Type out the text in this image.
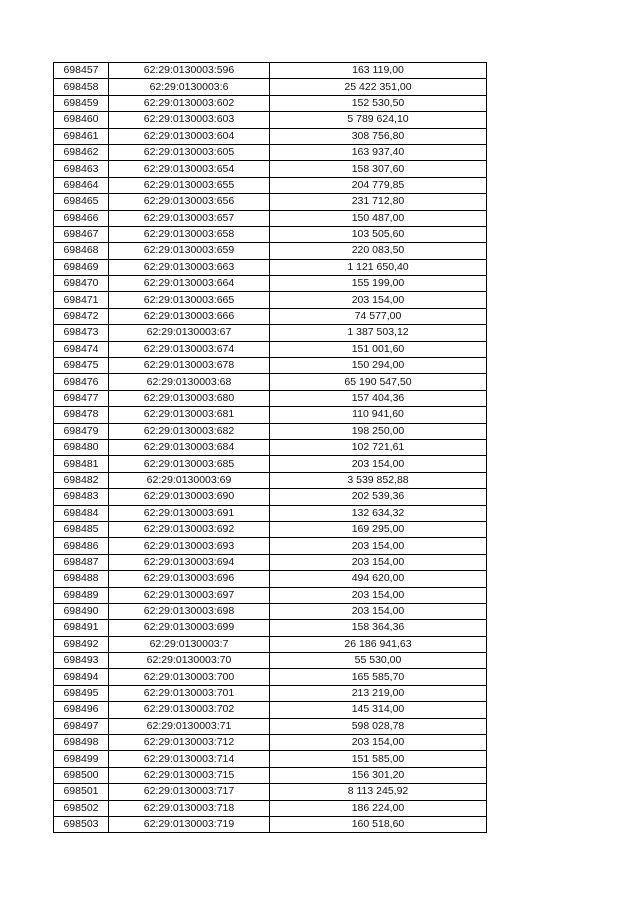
698457	62:29:0130003:596	163 119,00
698458	62:29:0130003:6	25 422 351,00
698459	62:29:0130003:602	152 530,50
698460	62:29:0130003:603	5 789 624,10
698461	62:29:0130003:604	308 756,80
698462	62:29:0130003:605	163 937,40
698463	62:29:0130003:654	158 307,60
698464	62:29:0130003:655	204 779,85
698465	62:29:0130003:656	231 712,80
698466	62:29:0130003:657	150 487,00
698467	62:29:0130003:658	103 505,60
698468	62:29:0130003:659	220 083,50
698469	62:29:0130003:663	1 121 650,40
698470	62:29:0130003:664	155 199,00
698471	62:29:0130003:665	203 154,00
698472	62:29:0130003:666	74 577,00
698473	62:29:0130003:67	1 387 503,12
698474	62:29:0130003:674	151 001,60
698475	62:29:0130003:678	150 294,00
698476	62:29:0130003:68	65 190 547,50
698477	62:29:0130003:680	157 404,36
698478	62:29:0130003:681	110 941,60
698479	62:29:0130003:682	198 250,00
698480	62:29:0130003:684	102 721,61
698481	62:29:0130003:685	203 154,00
698482	62:29:0130003:69	3 539 852,88
698483	62:29:0130003:690	202 539,36
698484	62:29:0130003:691	132 634,32
698485	62:29:0130003:692	169 295,00
698486	62:29:0130003:693	203 154,00
698487	62:29:0130003:694	203 154,00
698488	62:29:0130003:696	494 620,00
698489	62:29:0130003:697	203 154,00
698490	62:29:0130003:698	203 154,00
698491	62:29:0130003:699	158 364,36
698492	62:29:0130003:7	26 186 941,63
698493	62:29:0130003:70	55 530,00
698494	62:29:0130003:700	165 585,70
698495	62:29:0130003:701	213 219,00
698496	62:29:0130003:702	145 314,00
698497	62:29:0130003:71	598 028,78
698498	62:29:0130003:712	203 154,00
698499	62:29:0130003:714	151 585,00
698500	62:29:0130003:715	156 301,20
698501	62:29:0130003:717	8 113 245,92
698502	62:29:0130003:718	186 224,00
698503	62:29:0130003:719	160 518,60
